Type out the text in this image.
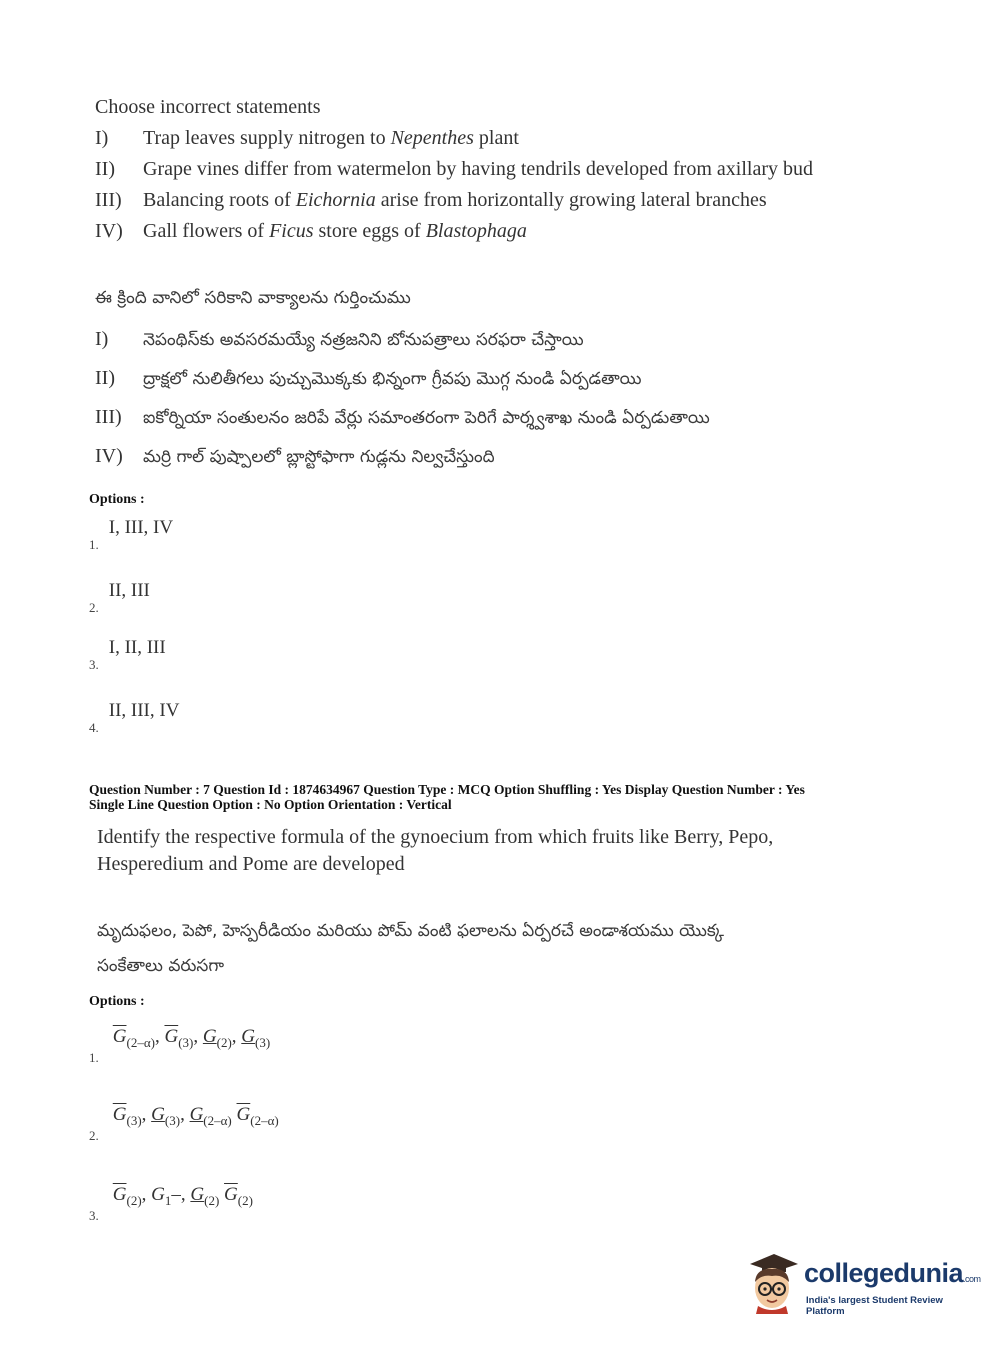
Choose incorrect statements
I) Trap leaves supply nitrogen to Nepenthes plant
II) Grape vines differ from watermelon by having tendrils developed from axillary bud
III) Balancing roots of Eichornia arise from horizontally growing lateral branches
IV) Gall flowers of Ficus store eggs of Blastophaga
ఈ క్రింది వానిలో సరికాని వాక్యాలను గుర్తించుము
I) నెపంథిస్‌కు అవసరమయ్యే నత్రజనిని బోనుపత్రాలు సరఫరా చేస్తాయి
II) ద్రాక్షలో నులితీగలు పుచ్చుమొక్కకు భిన్నంగా గ్రీవపు మొగ్గ నుండి ఏర్పడతాయి
III) ఐకోర్నియా సంతులనం జరిపే వేర్లు సమాంతరంగా పెరిగే పార్శ్వశాఖ నుండి ఏర్పడుతాయి
IV) మర్రి గాల్ పుష్పాలలో బ్లాస్టోఫాగా గుడ్లను నిల్వచేస్తుంది
Options :
$_{1.}$ I, III, IV
$_{2.}$ II, III
$_{3.}$ I, II, III
$_{4.}$ II, III, IV
Question Number : 7 Question Id : 1874634967 Question Type : MCQ Option Shuffling : Yes Display Question Number : Yes
Single Line Question Option : No Option Orientation : Vertical
Identify the respective formula of the gynoecium from which fruits like Berry, Pepo,
Hesperedium and Pome are developed
మృదుఫలం, పెపో, హెస్పరీడియం మరియు పోమ్ వంటి ఫలాలను ఏర్పరచే అండాశయము యొక్క
సంకేతాలు వరుసగా
Options :
$_{1.}$ $\overline{G}_{(2-\alpha)}$, $\overline{G}_{(3)}$, $G_{(2)}$, $G_{(3)}$
$_{2.}$ $\overline{G}_{(3)}$, $G_{(3)}$, $G_{(2-\alpha)}$ $\overline{G}_{(2-\alpha)}$
$_{3.}$ $\overline{G}_{(2)}$, $G_1-$, $G_{(2)}$ $\overline{G}_{(2)}$
collegedunia.com
India's largest Student Review Platform
